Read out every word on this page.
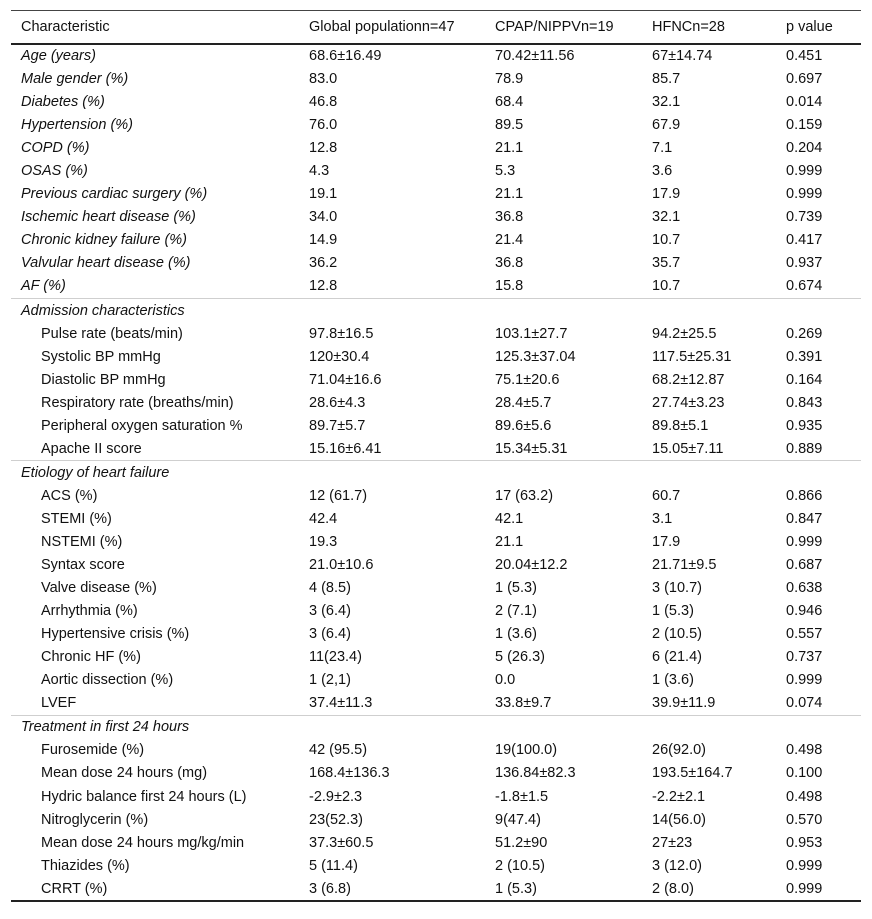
Characteristic	Global populationn=47	CPAP/NIPPVn=19	HFNCn=28	p value
Age (years)	68.6±16.49	70.42±11.56	67±14.74	0.451
Male gender (%)	83.0	78.9	85.7	0.697
Diabetes (%)	46.8	68.4	32.1	0.014
Hypertension (%)	76.0	89.5	67.9	0.159
COPD (%)	12.8	21.1	7.1	0.204
OSAS (%)	4.3	5.3	3.6	0.999
Previous cardiac surgery (%)	19.1	21.1	17.9	0.999
Ischemic heart disease (%)	34.0	36.8	32.1	0.739
Chronic kidney failure (%)	14.9	21.4	10.7	0.417
Valvular heart disease (%)	36.2	36.8	35.7	0.937
AF (%)	12.8	15.8	10.7	0.674
Admission characteristics				
Pulse rate (beats/min)	97.8±16.5	103.1±27.7	94.2±25.5	0.269
Systolic BP mmHg	120±30.4	125.3±37.04	117.5±25.31	0.391
Diastolic BP mmHg	71.04±16.6	75.1±20.6	68.2±12.87	0.164
Respiratory rate (breaths/min)	28.6±4.3	28.4±5.7	27.74±3.23	0.843
Peripheral oxygen saturation %	89.7±5.7	89.6±5.6	89.8±5.1	0.935
Apache II score	15.16±6.41	15.34±5.31	15.05±7.11	0.889
Etiology of heart failure				
ACS (%)	12 (61.7)	17 (63.2)	60.7	0.866
STEMI (%)	42.4	42.1	3.1	0.847
NSTEMI (%)	19.3	21.1	17.9	0.999
Syntax score	21.0±10.6	20.04±12.2	21.71±9.5	0.687
Valve disease (%)	4 (8.5)	1 (5.3)	3 (10.7)	0.638
Arrhythmia (%)	3 (6.4)	2 (7.1)	1 (5.3)	0.946
Hypertensive crisis (%)	3 (6.4)	1 (3.6)	2 (10.5)	0.557
Chronic HF (%)	11(23.4)	5 (26.3)	6 (21.4)	0.737
Aortic dissection (%)	1 (2,1)	0.0	1 (3.6)	0.999
LVEF	37.4±11.3	33.8±9.7	39.9±11.9	0.074
Treatment in first 24 hours				
Furosemide (%)	42 (95.5)	19(100.0)	26(92.0)	0.498
Mean dose 24 hours (mg)	168.4±136.3	136.84±82.3	193.5±164.7	0.100
Hydric balance first 24 hours (L)	-2.9±2.3	-1.8±1.5	-2.2±2.1	0.498
Nitroglycerin (%)	23(52.3)	9(47.4)	14(56.0)	0.570
Mean dose 24 hours mg/kg/min	37.3±60.5	51.2±90	27±23	0.953
Thiazides (%)	5 (11.4)	2 (10.5)	3 (12.0)	0.999
CRRT (%)	3 (6.8)	1 (5.3)	2 (8.0)	0.999
